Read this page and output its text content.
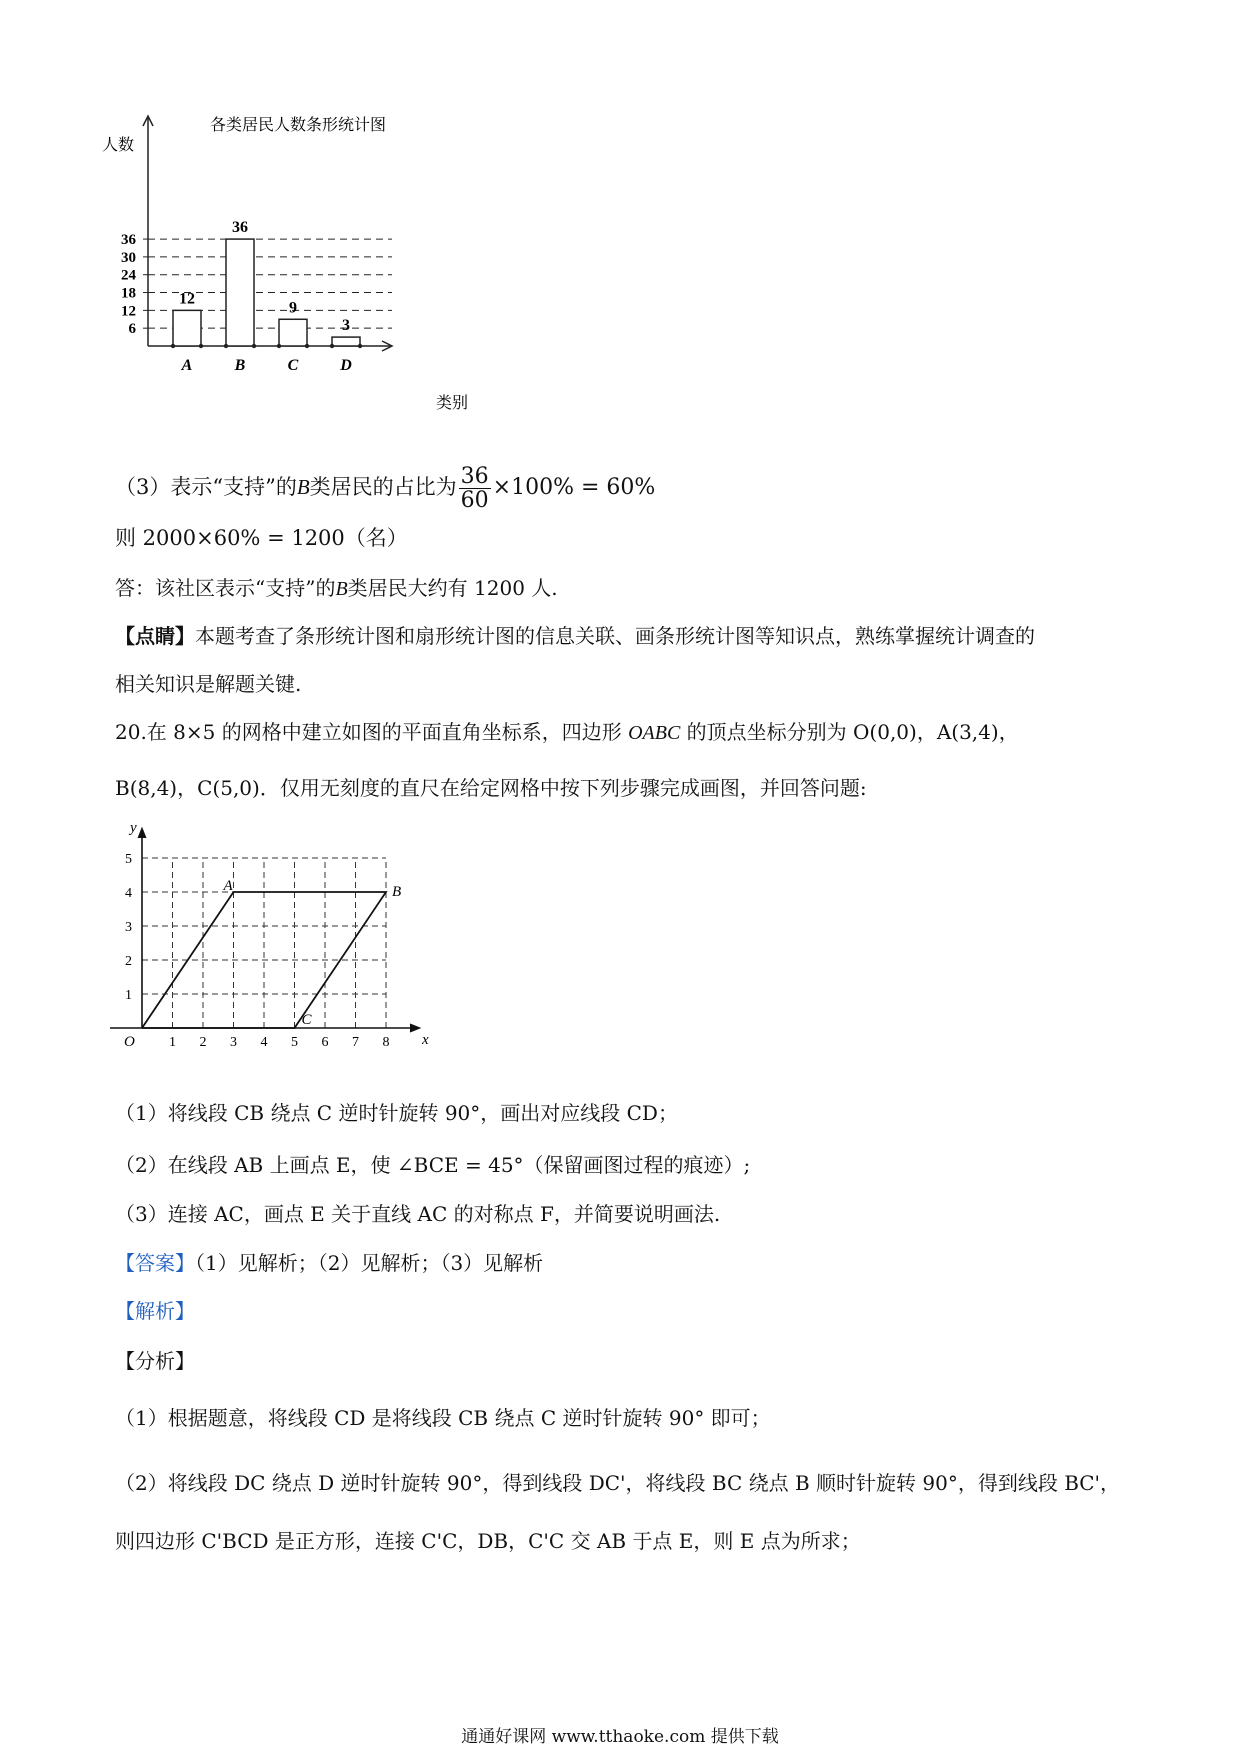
各类居民人数条形统计图
人数
类别
6
12
18
24
30
36
12
A
36
B
9
C
3
D
（3）表示“支持”的B类居民的占比为 $\frac{36}{60} \times 100\% = 60\%$
则 2000×60% = 1200（名）
答：该社区表示“支持”的B类居民大约有 1200 人.
【点睛】本题考查了条形统计图和扇形统计图的信息关联、画条形统计图等知识点，熟练掌握统计调查的
相关知识是解题关键.
20.在 8×5 的网格中建立如图的平面直角坐标系，四边形 OABC 的顶点坐标分别为 O(0,0)，A(3,4)，
B(8,4)，C(5,0)．仅用无刻度的直尺在给定网格中按下列步骤完成画图，并回答问题:
y
x
O 1 2 3 4 5 6 7 8
1
2
3
4
5
A	B
C
（1）将线段 CB 绕点 C 逆时针旋转 90°，画出对应线段 CD；
（2）在线段 AB 上画点 E，使 ∠BCE = 45°（保留画图过程的痕迹）;
（3）连接 AC，画点 E 关于直线 AC 的对称点 F，并简要说明画法.
【答案】（1）见解析；（2）见解析；（3）见解析
【解析】
【分析】
（1）根据题意，将线段 CD 是将线段 CB 绕点 C 逆时针旋转 90° 即可；
（2）将线段 DC 绕点 D 逆时针旋转 90°，得到线段 DC'，将线段 BC 绕点 B 顺时针旋转 90°，得到线段 BC'，
则四边形 C'BCD 是正方形，连接 C'C，DB，C'C 交 AB 于点 E，则 E 点为所求；
通通好课网 www.tthaoke.com 提供下载
